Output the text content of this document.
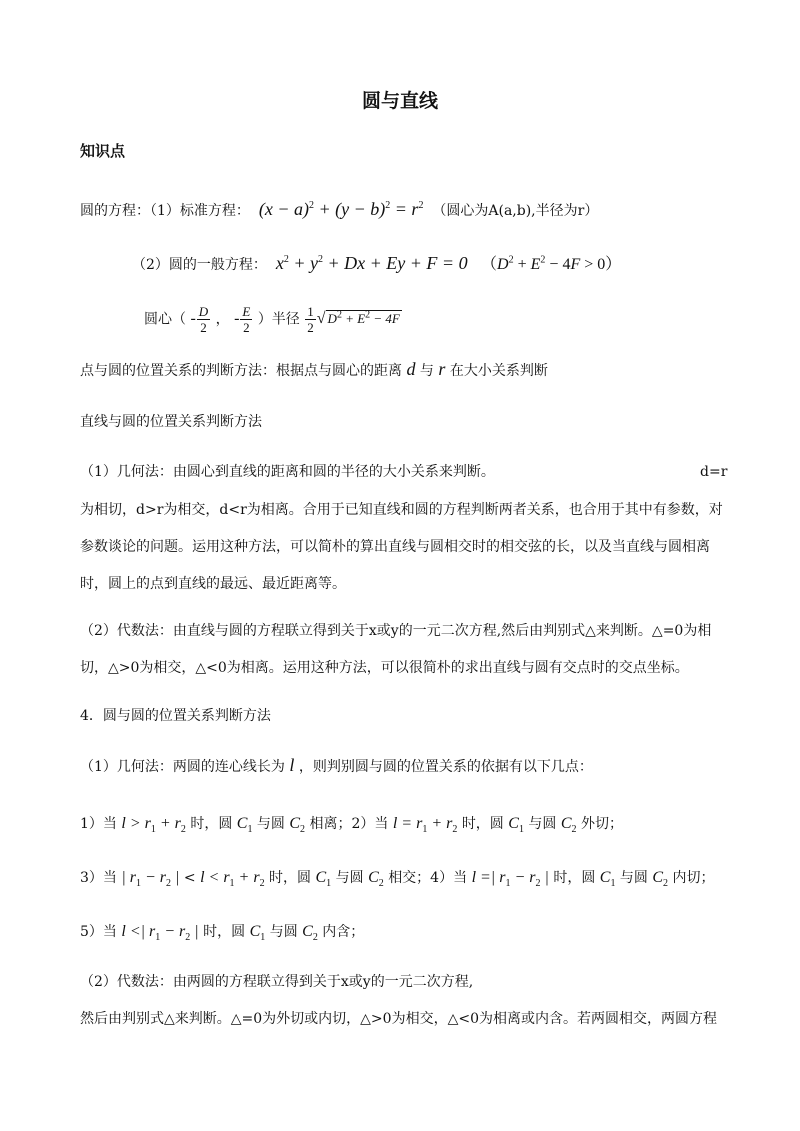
圆与直线
知识点
圆的方程：（1）标准方程：  $(x - a)^2 + (y - b)^2 = r^2$ （圆心为A(a,b),半径为r）
（2）圆的一般方程：  $x^2 + y^2 + Dx + Ey + F = 0$   $(D^2 + E^2 - 4F > 0)$
圆心（ - $\frac{D}{2}$ ， - $\frac{E}{2}$ ）半径 $\frac{1}{2}$ √ $D^2 + E^2 - 4F$
点与圆的位置关系的判断方法：根据点与圆心的距离 d 与 r 在大小关系判断
直线与圆的位置关系判断方法
（1）几何法：由圆心到直线的距离和圆的半径的大小关系来判断。	d=r
为相切，d>r为相交，d<r为相离。合用于已知直线和圆的方程判断两者关系，也合用于其中有参数，对
参数谈论的问题。运用这种方法，可以简朴的算出直线与圆相交时的相交弦的长，以及当直线与圆相离
时，圆上的点到直线的最远、最近距离等。
（2）代数法：由直线与圆的方程联立得到关于x或y的一元二次方程,然后由判别式△来判断。△=0为相
切，△>0为相交，△<0为相离。运用这种方法，可以很简朴的求出直线与圆有交点时的交点坐标。
4．圆与圆的位置关系判断方法
（1）几何法：两圆的连心线长为 l ，则判别圆与圆的位置关系的依据有以下几点：
1）当 $l > r_1 + r_2$ 时，圆 $C_1$ 与圆 $C_2$ 相离；2）当 $l = r_1 + r_2$ 时，圆 $C_1$ 与圆 $C_2$ 外切；
3）当 | $r_1 - r_2$ | < $l < r_1 + r_2$ 时，圆 $C_1$ 与圆 $C_2$ 相交；4）当 l =| $r_1 - r_2$ | 时，圆 $C_1$ 与圆 $C_2$ 内切；
5）当 l <| $r_1 - r_2$ | 时，圆 $C_1$ 与圆 $C_2$ 内含；
（2）代数法：由两圆的方程联立得到关于x或y的一元二次方程,
然后由判别式△来判断。△=0为外切或内切，△>0为相交，△<0为相离或内含。若两圆相交，两圆方程
